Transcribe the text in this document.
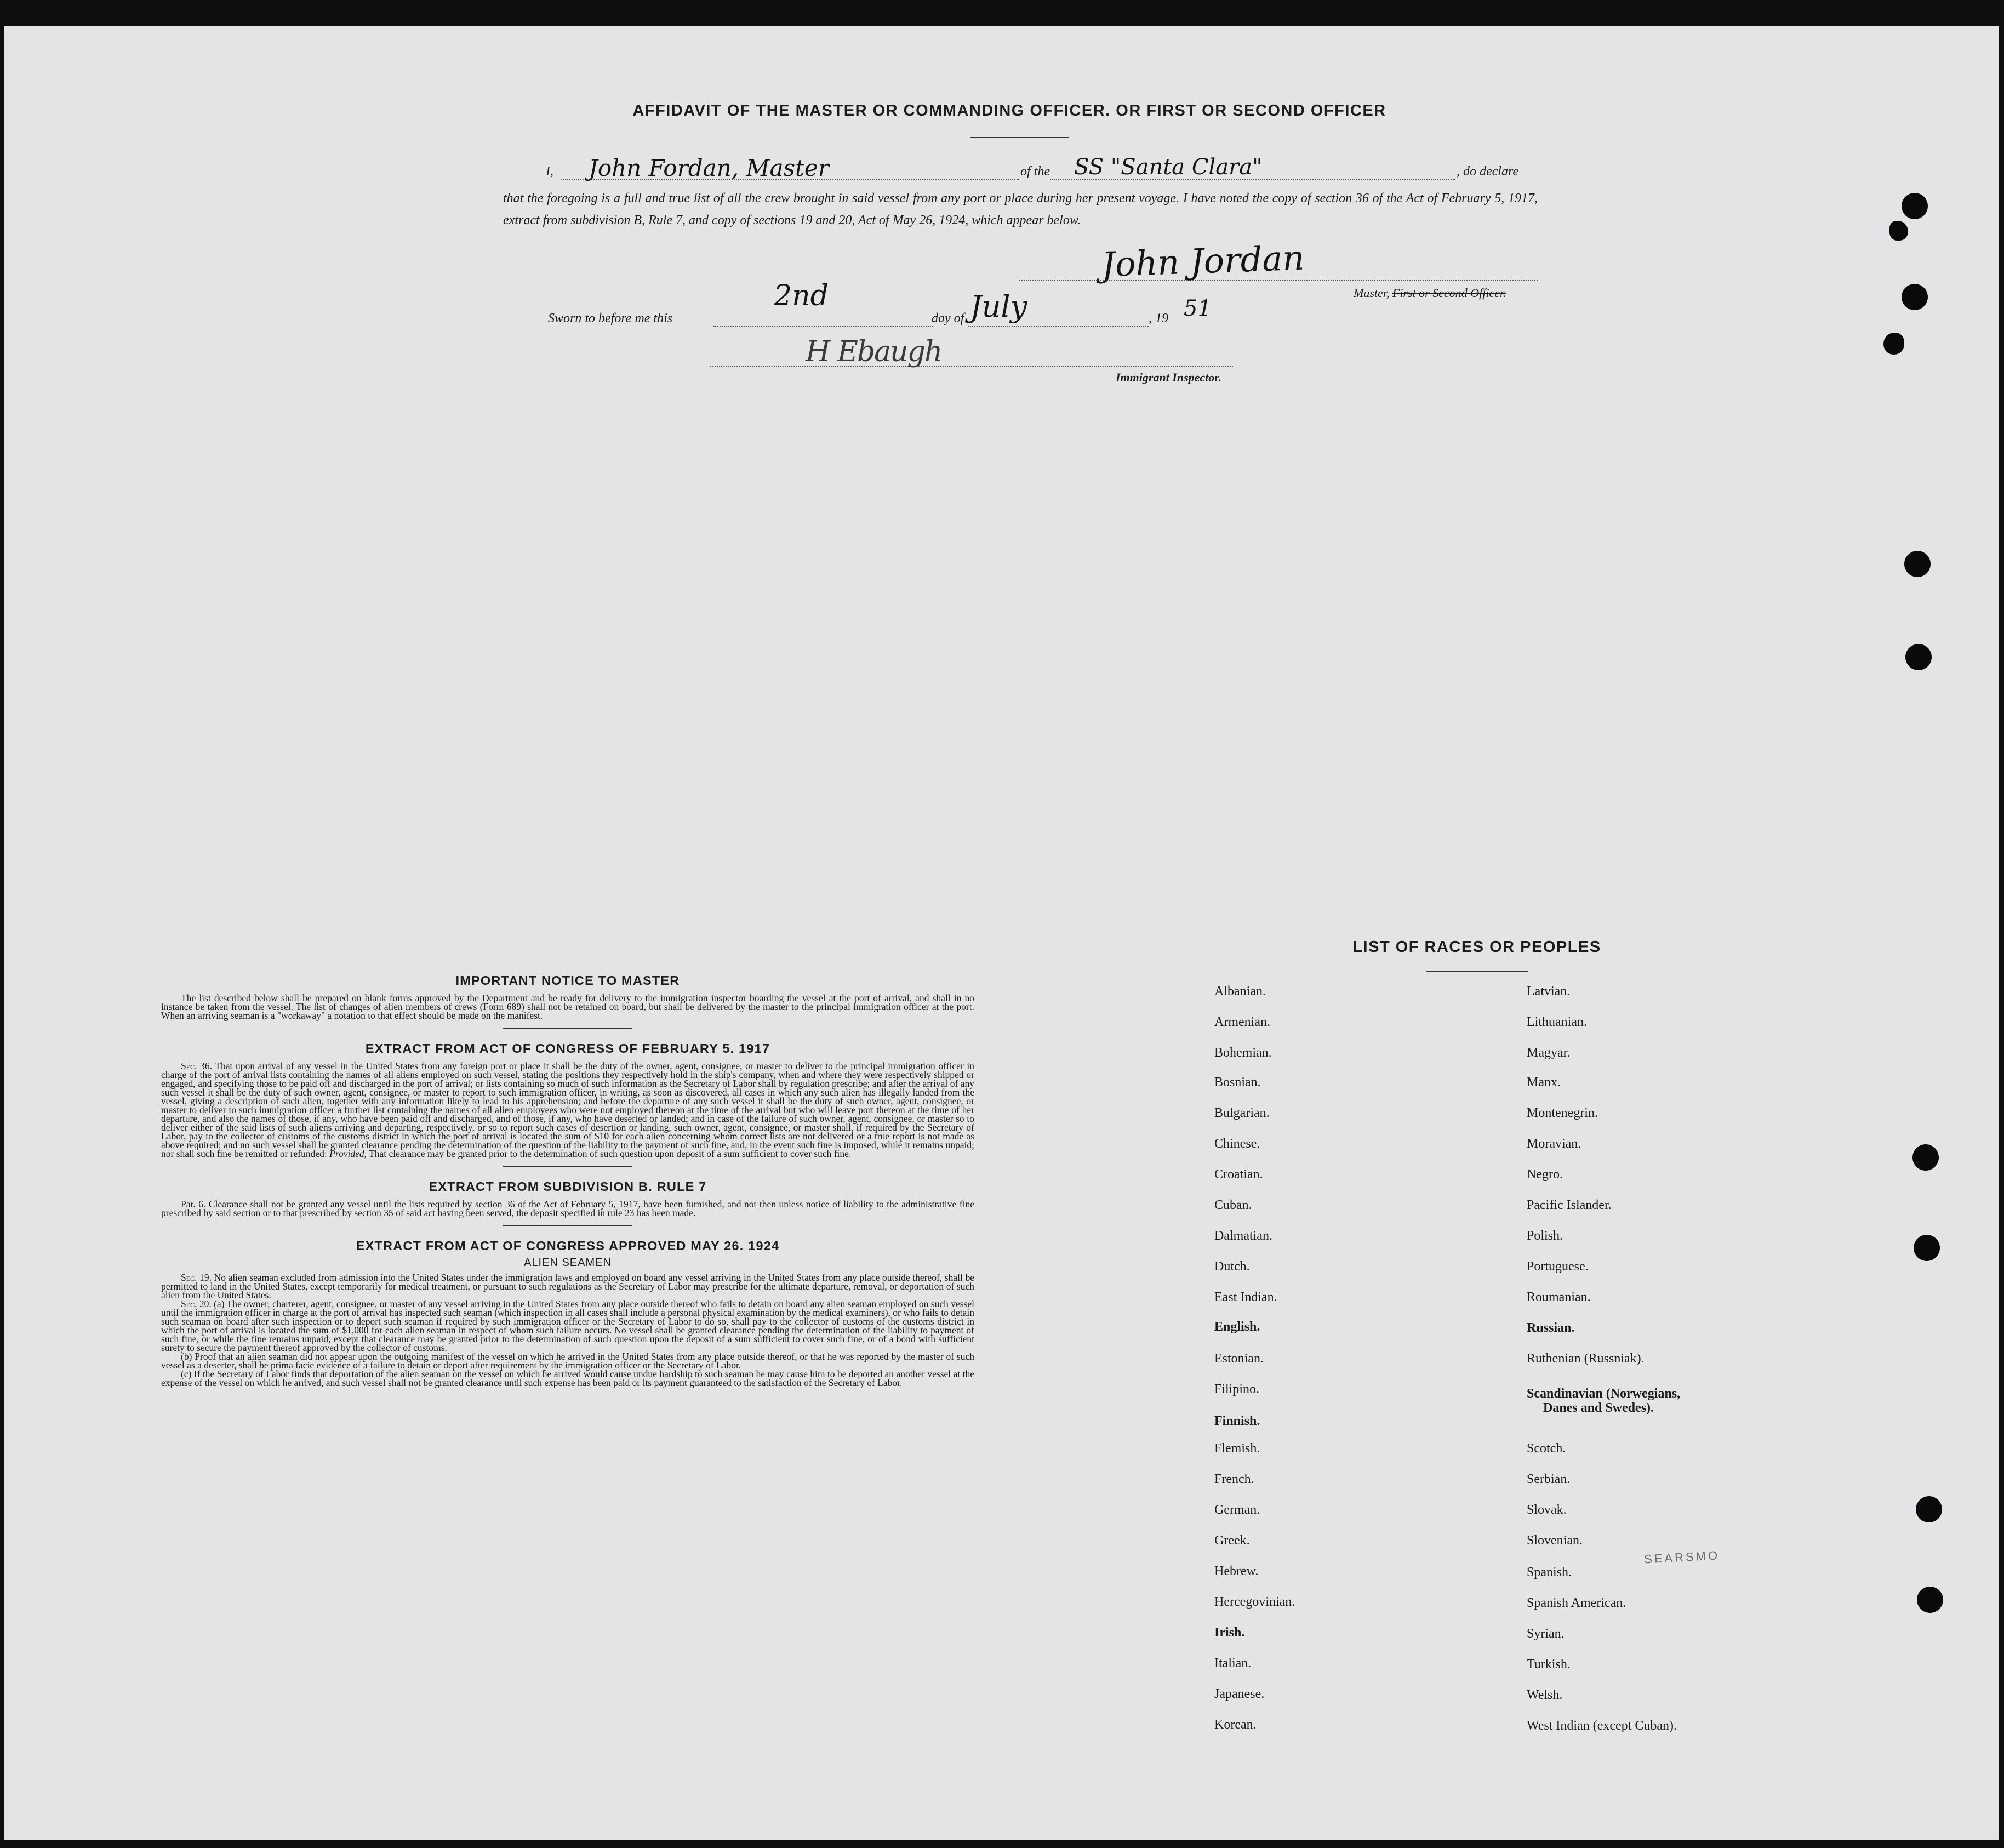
AFFIDAVIT OF THE MASTER OR COMMANDING OFFICER. OR FIRST OR SECOND OFFICER
I, John Fordan, Master	of the SS "Santa Clara"	, do declare
that the foregoing is a full and true list of all the crew brought in said vessel from any port or place during her present voyage. I have noted the copy of section 36 of the Act of February 5, 1917, extract from subdivision B, Rule 7, and copy of sections 19 and 20, Act of May 26, 1924, which appear below.
John Jordan
Master, First or Second Officer.
Sworn to before me this
2nd
day of July	, 19 51
H Ebaugh
Immigrant Inspector.
IMPORTANT NOTICE TO MASTER

The list described below shall be prepared on blank forms approved by the Department and be ready for delivery to the immigration inspector boarding the vessel at the port of arrival, and shall in no instance be taken from the vessel. The list of changes of alien members of crews (Form 689) shall not be retained on board, but shall be delivered by the master to the principal immigration officer at the port. When an arriving seaman is a "workaway" a notation to that effect should be made on the manifest.

EXTRACT FROM ACT OF CONGRESS OF FEBRUARY 5. 1917

Sec. 36. That upon arrival of any vessel in the United States from any foreign port or place it shall be the duty of the owner, agent, consignee, or master to deliver to the principal immigration officer in charge of the port of arrival lists containing the names of all aliens employed on such vessel, stating the positions they respectively hold in the ship's company, when and where they were respectively shipped or engaged, and specifying those to be paid off and discharged in the port of arrival; or lists containing so much of such information as the Secretary of Labor shall by regulation prescribe; and after the arrival of any such vessel it shall be the duty of such owner, agent, consignee, or master to report to such immigration officer, in writing, as soon as discovered, all cases in which any such alien has illegally landed from the vessel, giving a description of such alien, together with any information likely to lead to his apprehension; and before the departure of any such vessel it shall be the duty of such owner, agent, consignee, or master to deliver to such immigration officer a further list containing the names of all alien employees who were not employed thereon at the time of the arrival but who will leave port thereon at the time of her departure, and also the names of those, if any, who have been paid off and discharged, and of those, if any, who have deserted or landed; and in case of the failure of such owner, agent, consignee, or master so to deliver either of the said lists of such aliens arriving and departing, respectively, or so to report such cases of desertion or landing, such owner, agent, consignee, or master shall, if required by the Secretary of Labor, pay to the collector of customs of the customs district in which the port of arrival is located the sum of $10 for each alien concerning whom correct lists are not delivered or a true report is not made as above required; and no such vessel shall be granted clearance pending the determination of the question of the liability to the payment of such fine, and, in the event such fine is imposed, while it remains unpaid; nor shall such fine be remitted or refunded: Provided, That clearance may be granted prior to the determination of such question upon deposit of a sum sufficient to cover such fine.

EXTRACT FROM SUBDIVISION B. RULE 7

Par. 6. Clearance shall not be granted any vessel until the lists required by section 36 of the Act of February 5, 1917, have been furnished, and not then unless notice of liability to the administrative fine prescribed by said section or to that prescribed by section 35 of said act having been served, the deposit specified in rule 23 has been made.

EXTRACT FROM ACT OF CONGRESS APPROVED MAY 26. 1924
ALIEN SEAMEN

Sec. 19. No alien seaman excluded from admission into the United States under the immigration laws and employed on board any vessel arriving in the United States from any place outside thereof, shall be permitted to land in the United States, except temporarily for medical treatment, or pursuant to such regulations as the Secretary of Labor may prescribe for the ultimate departure, removal, or deportation of such alien from the United States.

Sec. 20. (a) The owner, charterer, agent, consignee, or master of any vessel arriving in the United States from any place outside thereof who fails to detain on board any alien seaman employed on such vessel until the immigration officer in charge at the port of arrival has inspected such seaman (which inspection in all cases shall include a personal physical examination by the medical examiners), or who fails to detain such seaman on board after such inspection or to deport such seaman if required by such immigration officer or the Secretary of Labor to do so, shall pay to the collector of customs of the customs district in which the port of arrival is located the sum of $1,000 for each alien seaman in respect of whom such failure occurs. No vessel shall be granted clearance pending the determination of the liability to payment of such fine, or while the fine remains unpaid, except that clearance may be granted prior to the determination of such question upon the deposit of a sum sufficient to cover such fine, or of a bond with sufficient surety to secure the payment thereof approved by the collector of customs.

(b) Proof that an alien seaman did not appear upon the outgoing manifest of the vessel on which he arrived in the United States from any place outside thereof, or that he was reported by the master of such vessel as a deserter, shall be prima facie evidence of a failure to detain or deport after requirement by the immigration officer or the Secretary of Labor.

(c) If the Secretary of Labor finds that deportation of the alien seaman on the vessel on which he arrived would cause undue hardship to such seaman he may cause him to be deported an another vessel at the expense of the vessel on which he arrived, and such vessel shall not be granted clearance until such expense has been paid or its payment guaranteed to the satisfaction of the Secretary of Labor.

LIST OF RACES OR PEOPLES
Albanian.
Armenian.
Bohemian.
Bosnian.
Bulgarian.
Chinese.
Croatian.
Cuban.
Dalmatian.
Dutch.
East Indian.
English.
Estonian.
Filipino.
Finnish.
Flemish.
French.
German.
Greek.
Hebrew.
Hercegovinian.
Irish.
Italian.
Japanese.
Korean.
Latvian.
Lithuanian.
Magyar.
Manx.
Montenegrin.
Moravian.
Negro.
Pacific Islander.
Polish.
Portuguese.
Roumanian.
Russian.
Ruthenian (Russniak).
Scandinavian (Norwegians,
Danes and Swedes).
Scotch.
Serbian.
Slovak.
Slovenian.
Spanish.
Spanish American.
Syrian.
Turkish.
Welsh.
West Indian (except Cuban).
SEARSMO
